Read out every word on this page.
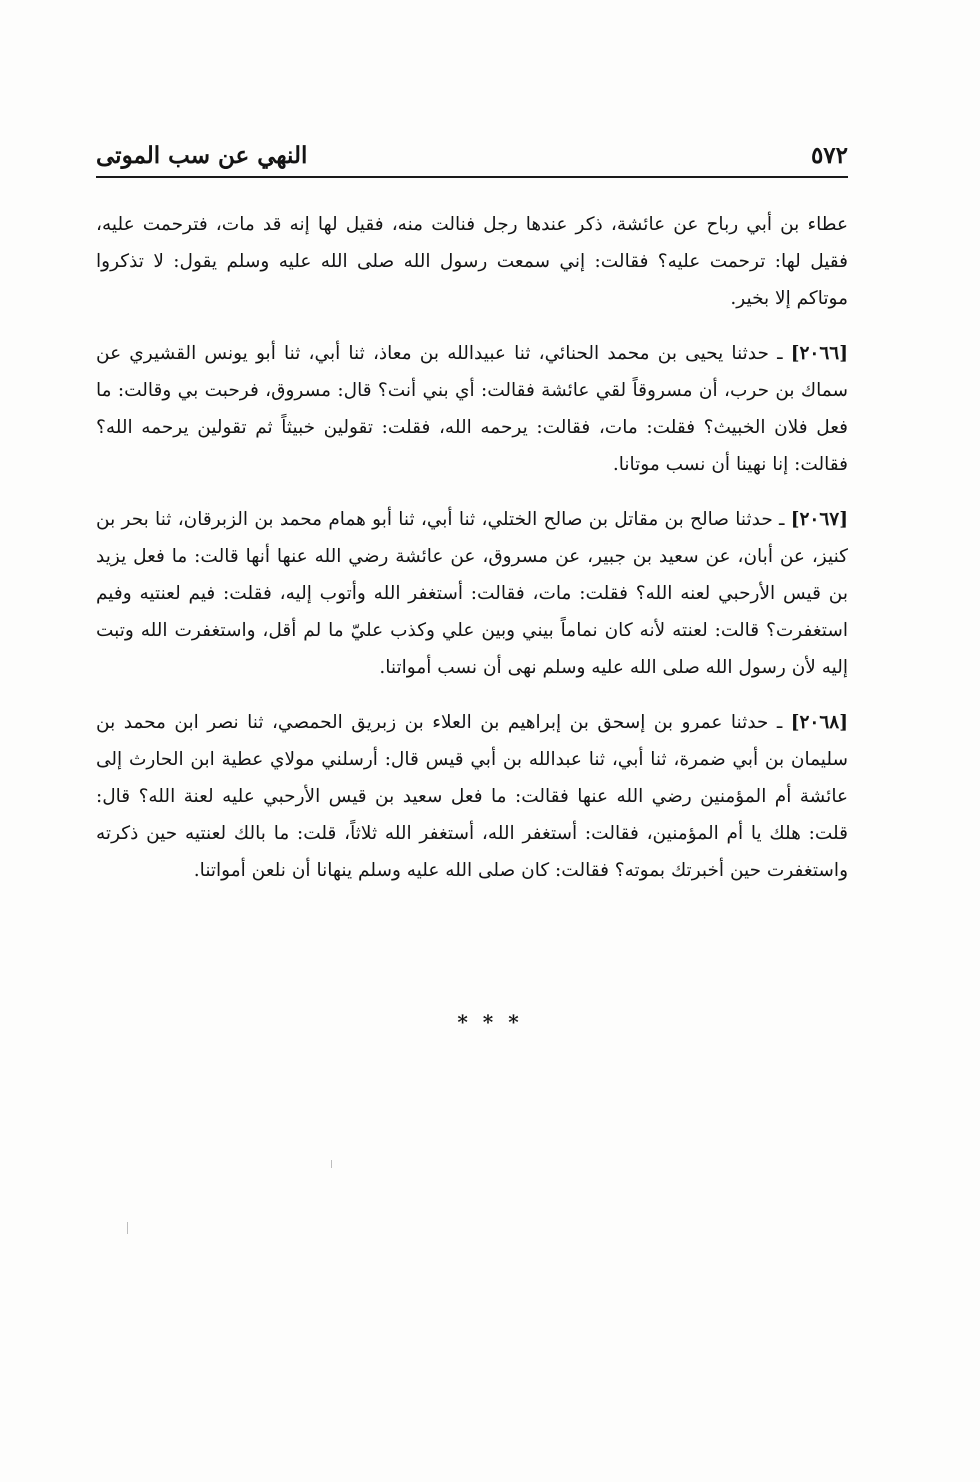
٥٧٢
النهي عن سب الموتى

عطاء بن أبي رباح عن عائشة، ذكر عندها رجل فنالت منه، فقيل لها إنه قد مات، فترحمت عليه، فقيل لها: ترحمت عليه؟ فقالت: إني سمعت رسول الله صلى الله عليه وسلم يقول: لا تذكروا موتاكم إلا بخير.

[٢٠٦٦] ـ حدثنا يحيى بن محمد الحنائي، ثنا عبيدالله بن معاذ، ثنا أبي، ثنا أبو يونس القشيري عن سماك بن حرب، أن مسروقاً لقي عائشة فقالت: أي بني أنت؟ قال: مسروق، فرحبت بي وقالت: ما فعل فلان الخبيث؟ فقلت: مات، فقالت: يرحمه الله، فقلت: تقولين خبيثاً ثم تقولين يرحمه الله؟ فقالت: إنا نهينا أن نسب موتانا.

[٢٠٦٧] ـ حدثنا صالح بن مقاتل بن صالح الختلي، ثنا أبي، ثنا أبو همام محمد بن الزبرقان، ثنا بحر بن كنيز، عن أبان، عن سعيد بن جبير، عن مسروق، عن عائشة رضي الله عنها أنها قالت: ما فعل يزيد بن قيس الأرحبي لعنه الله؟ فقلت: مات، فقالت: أستغفر الله وأتوب إليه، فقلت: فيم لعنتيه وفيم استغفرت؟ قالت: لعنته لأنه كان نماماً بيني وبين علي وكذب عليّ ما لم أقل، واستغفرت الله وتبت إليه لأن رسول الله صلى الله عليه وسلم نهى أن نسب أمواتنا.

[٢٠٦٨] ـ حدثنا عمرو بن إسحق بن إبراهيم بن العلاء بن زبريق الحمصي، ثنا نصر ابن محمد بن سليمان بن أبي ضمرة، ثنا أبي، ثنا عبدالله بن أبي قيس قال: أرسلني مولاي عطية ابن الحارث إلى عائشة أم المؤمنين رضي الله عنها فقالت: ما فعل سعيد بن قيس الأرحبي عليه لعنة الله؟ قال: قلت: هلك يا أم المؤمنين، فقالت: أستغفر الله، أستغفر الله ثلاثاً، قلت: ما بالك لعنتيه حين ذكرته واستغفرت حين أخبرتك بموته؟ فقالت: كان صلى الله عليه وسلم ينهانا أن نلعن أمواتنا.

* * *
